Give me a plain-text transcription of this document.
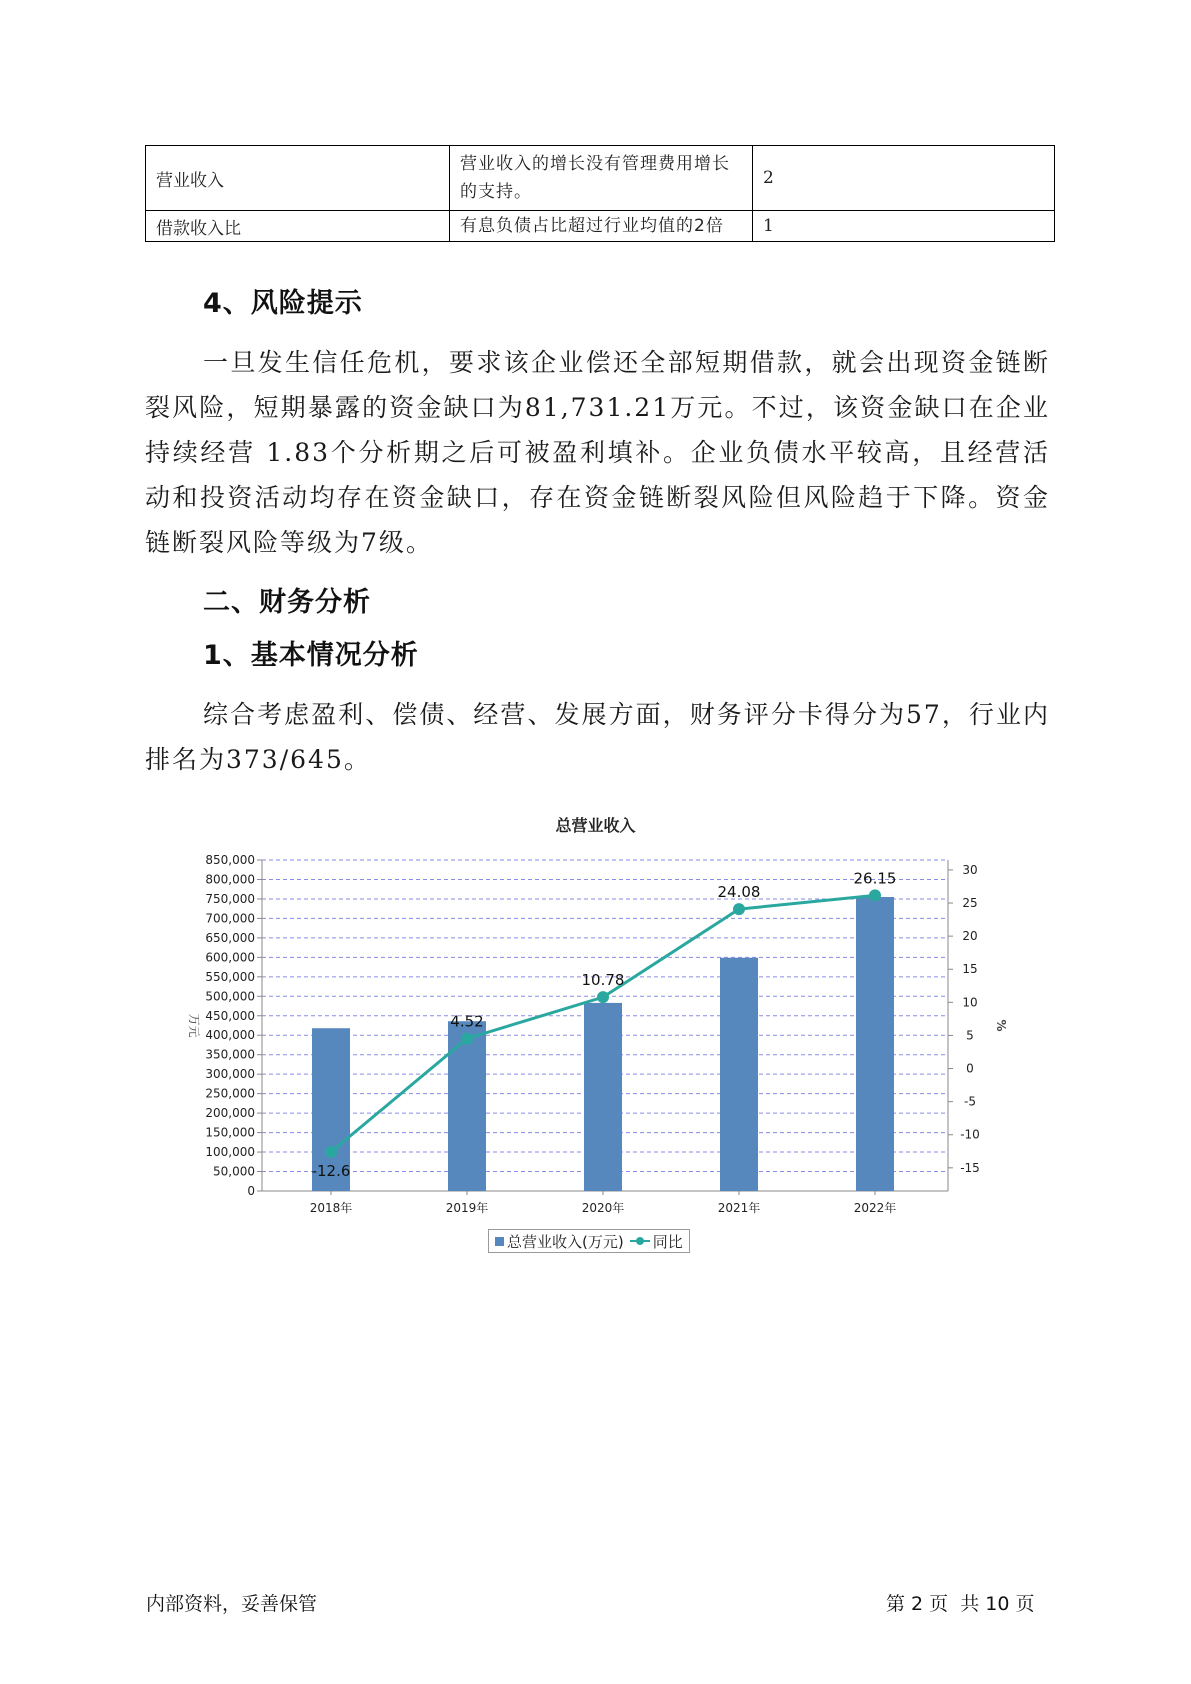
营业收入	营业收入的增长没有管理费用增长的支持。	2
借款收入比	有息负债占比超过行业均值的2倍	1
4、风险提示

一旦发生信任危机，要求该企业偿还全部短期借款，就会出现资金链断裂风险，短期暴露的资金缺口为81,731.21万元。不过，该资金缺口在企业持续经营 1.83个分析期之后可被盈利填补。企业负债水平较高，且经营活动和投资活动均存在资金缺口，存在资金链断裂风险但风险趋于下降。资金链断裂风险等级为7级。

二、财务分析
1、基本情况分析

综合考虑盈利、偿债、经营、发展方面，财务评分卡得分为57，行业内排名为373/645。

总营业收入
850,000
800,000
750,000
700,000
650,000
600,000
550,000
500,000
450,000
400,000
350,000
300,000
250,000
200,000
150,000
100,000
50,000
0
30
25
20
15
10
5
0
-5
-10
-15
万元	%
2018年	2019年	2020年	2021年	2022年
-12.6
4.52
10.78
24.08
26.15
总营业收入(万元) 同比
内部资料，妥善保管	第 2 页  共 10 页
